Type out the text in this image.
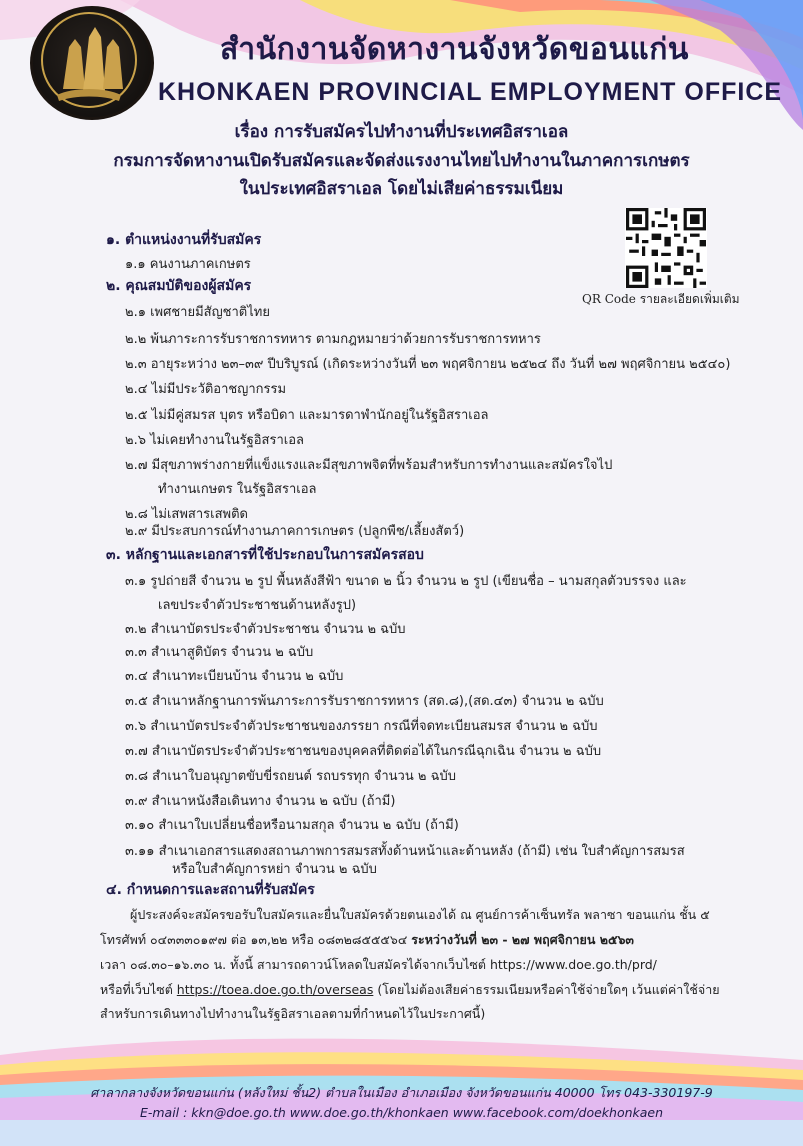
สำนักงานจัดหางานจังหวัดขอนแก่น
KHONKAEN PROVINCIAL EMPLOYMENT OFFICE
เรื่อง การรับสมัครไปทำงานที่ประเทศอิสราเอล
กรมการจัดหางานเปิดรับสมัครและจัดส่งแรงงานไทยไปทำงานในภาคการเกษตร
ในประเทศอิสราเอล โดยไม่เสียค่าธรรมเนียม
QR Code รายละเอียดเพิ่มเติม
๑. ตำแหน่งงานที่รับสมัคร
๑.๑ คนงานภาคเกษตร
๒. คุณสมบัติของผู้สมัคร
๒.๑ เพศชายมีสัญชาติไทย
๒.๒ พ้นภาระการรับราชการทหาร ตามกฎหมายว่าด้วยการรับราชการทหาร
๒.๓ อายุระหว่าง ๒๓–๓๙ ปีบริบูรณ์ (เกิดระหว่างวันที่ ๒๓ พฤศจิกายน ๒๕๒๔ ถึง วันที่ ๒๗ พฤศจิกายน ๒๕๔๐)
๒.๔ ไม่มีประวัติอาชญากรรม
๒.๕ ไม่มีคู่สมรส บุตร หรือบิดา และมารดาพำนักอยู่ในรัฐอิสราเอล
๒.๖ ไม่เคยทำงานในรัฐอิสราเอล
๒.๗ มีสุขภาพร่างกายที่แข็งแรงและมีสุขภาพจิตที่พร้อมสำหรับการทำงานและสมัครใจไป
ทำงานเกษตร ในรัฐอิสราเอล
๒.๘ ไม่เสพสารเสพติด
๒.๙ มีประสบการณ์ทำงานภาคการเกษตร (ปลูกพืช/เลี้ยงสัตว์)
๓. หลักฐานและเอกสารที่ใช้ประกอบในการสมัครสอบ
๓.๑ รูปถ่ายสี จำนวน ๒ รูป พื้นหลังสีฟ้า ขนาด ๒ นิ้ว จำนวน ๒ รูป (เขียนชื่อ – นามสกุลตัวบรรจง และ
เลขประจำตัวประชาชนด้านหลังรูป)
๓.๒ สำเนาบัตรประจำตัวประชาชน จำนวน ๒ ฉบับ
๓.๓ สำเนาสูติบัตร จำนวน ๒ ฉบับ
๓.๔ สำเนาทะเบียนบ้าน จำนวน ๒ ฉบับ
๓.๕ สำเนาหลักฐานการพ้นภาระการรับราชการทหาร (สด.๘),(สด.๔๓) จำนวน ๒ ฉบับ
๓.๖ สำเนาบัตรประจำตัวประชาชนของภรรยา กรณีที่จดทะเบียนสมรส จำนวน ๒ ฉบับ
๓.๗ สำเนาบัตรประจำตัวประชาชนของบุคคลที่ติดต่อได้ในกรณีฉุกเฉิน จำนวน ๒ ฉบับ
๓.๘ สำเนาใบอนุญาตขับขี่รถยนต์ รถบรรทุก จำนวน ๒ ฉบับ
๓.๙ สำเนาหนังสือเดินทาง จำนวน ๒ ฉบับ (ถ้ามี)
๓.๑๐ สำเนาใบเปลี่ยนชื่อหรือนามสกุล จำนวน ๒ ฉบับ (ถ้ามี)
๓.๑๑ สำเนาเอกสารแสดงสถานภาพการสมรสทั้งด้านหน้าและด้านหลัง (ถ้ามี) เช่น ใบสำคัญการสมรส
หรือใบสำคัญการหย่า จำนวน ๒ ฉบับ
๔. กำหนดการและสถานที่รับสมัคร
ผู้ประสงค์จะสมัครขอรับใบสมัครและยื่นใบสมัครด้วยตนเองได้ ณ ศูนย์การค้าเซ็นทรัล พลาซา ขอนแก่น ชั้น ๕
โทรศัพท์ ๐๔๓๓๓๐๑๙๗ ต่อ ๑๓,๒๒ หรือ ๐๘๓๒๘๕๕๕๖๔ ระหว่างวันที่ ๒๓ - ๒๗ พฤศจิกายน ๒๕๖๓
เวลา ๐๘.๓๐–๑๖.๓๐ น. ทั้งนี้ สามารถดาวน์โหลดใบสมัครได้จากเว็บไซต์ https://www.doe.go.th/prd/
หรือที่เว็บไซต์ https://toea.doe.go.th/overseas (โดยไม่ต้องเสียค่าธรรมเนียมหรือค่าใช้จ่ายใดๆ เว้นแต่ค่าใช้จ่าย
สำหรับการเดินทางไปทำงานในรัฐอิสราเอลตามที่กำหนดไว้ในประกาศนี้)
ศาลากลางจังหวัดขอนแก่น (หลังใหม่ ชั้น2) ตำบลในเมือง อำเภอเมือง จังหวัดขอนแก่น 40000 โทร 043-330197-9
E-mail : kkn@doe.go.th www.doe.go.th/khonkaen www.facebook.com/doekhonkaen
